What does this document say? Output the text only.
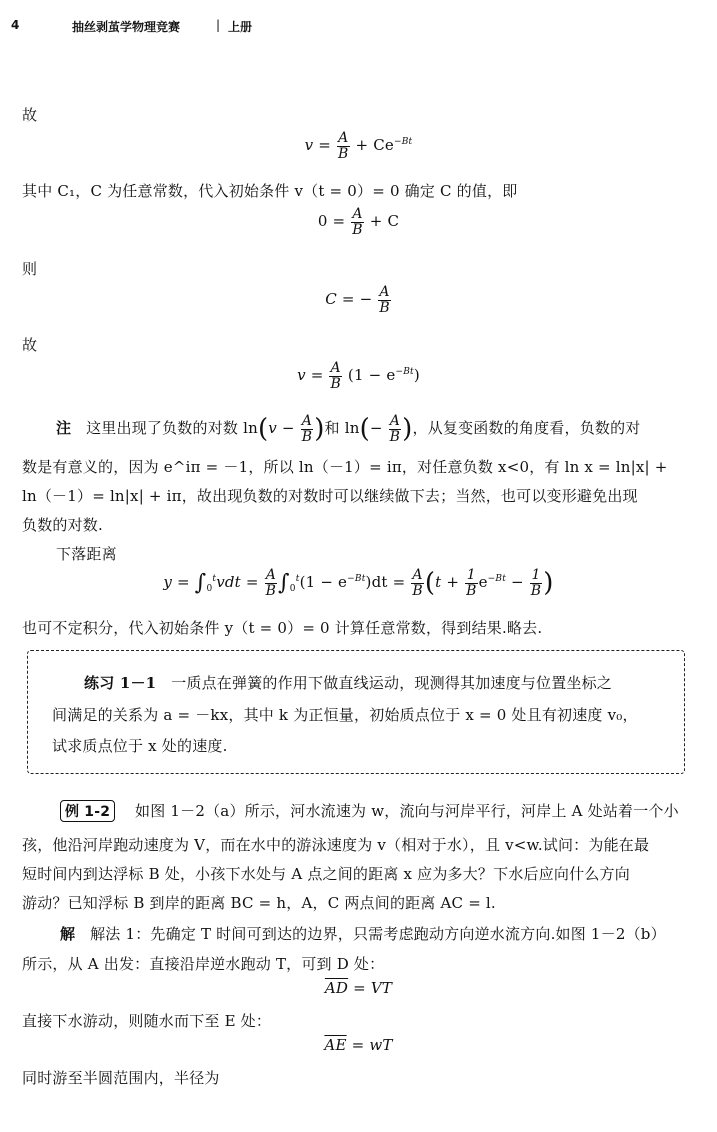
4	抽丝剥茧学物理竞赛	| 上册
故
$v = \frac{A}{B} + Ce^{-Bt}$
其中 C₁，C 为任意常数，代入初始条件 v（t = 0）= 0 确定 C 的值，即
$0 = \frac{A}{B} + C$
则
C = − $\frac{A}{B}$
故
$v = \frac{A}{B} (1 - e^{-Bt})$
注 这里出现了负数的对数 $\ln(v - \frac{A}{B}$ )和 $\ln(- \frac{A}{B}$ )，从复变函数的角度看，负数的对
数是有意义的，因为 e^iπ = －1，所以 ln（－1）= iπ，对任意负数 x<0，有 ln x = ln|x| +
ln（－1）= ln|x| + iπ，故出现负数的对数时可以继续做下去；当然，也可以变形避免出现
负数的对数.
下落距离
$y = \int_0^tvdt = \frac{A}{B} \int_0^t(1 - e^{-Bt})dt = \frac{A}{B} (t + \frac{1}{B} e^{-Bt} - \frac{1}{B}$ )
也可不定积分，代入初始条件 y（t = 0）= 0 计算任意常数，得到结果.略去.
练习 1－1 一质点在弹簧的作用下做直线运动，现测得其加速度与位置坐标之
间满足的关系为 a = －kx，其中 k 为正恒量，初始质点位于 x = 0 处且有初速度 v₀，
试求质点位于 x 处的速度.
例 1-2 如图 1－2（a）所示，河水流速为 w，流向与河岸平行，河岸上 A 处站着一个小
孩，他沿河岸跑动速度为 V，而在水中的游泳速度为 v（相对于水），且 v<w.试问：为能在最
短时间内到达浮标 B 处，小孩下水处与 A 点之间的距离 x 应为多大？下水后应向什么方向
游动？已知浮标 B 到岸的距离 BC = h，A，C 两点间的距离 AC = l.
解 解法 1：先确定 T 时间可到达的边界，只需考虑跑动方向逆水流方向.如图 1－2（b）
所示，从 A 出发：直接沿岸逆水跑动 T，可到 D 处：
$\overline{AD}$ = VT
直接下水游动，则随水而下至 E 处：
$\overline{AE}$ = wT
同时游至半圆范围内，半径为
